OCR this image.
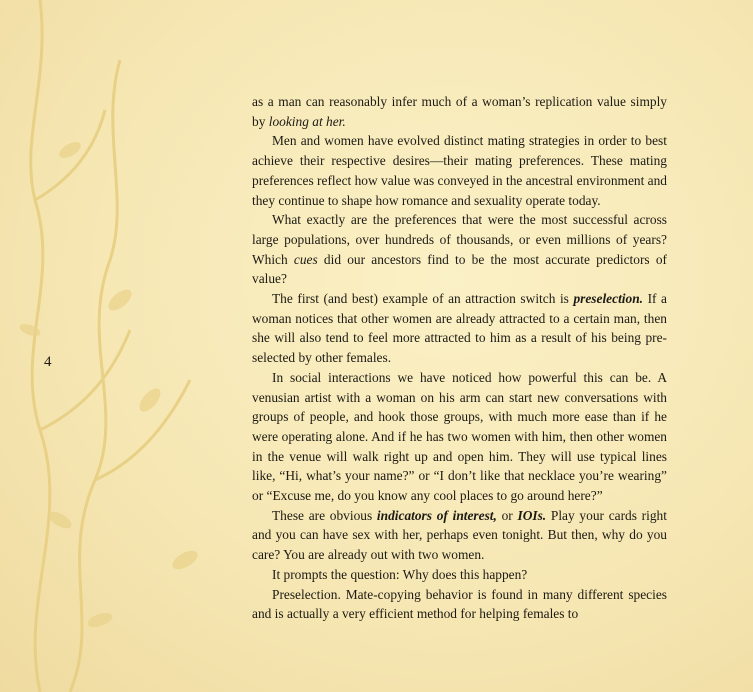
4

as a man can reasonably infer much of a woman’s replication value simply by looking at her.

Men and women have evolved distinct mating strategies in order to best achieve their respective desires—their mating preferences. These mating preferences reflect how value was conveyed in the ancestral environment and they continue to shape how romance and sexuality operate today.

What exactly are the preferences that were the most successful across large populations, over hundreds of thousands, or even millions of years? Which cues did our ancestors find to be the most accurate predictors of value?

The first (and best) example of an attraction switch is preselection. If a woman notices that other women are already attracted to a certain man, then she will also tend to feel more attracted to him as a result of his being pre-selected by other females.

In social interactions we have noticed how powerful this can be. A venusian artist with a woman on his arm can start new conversations with groups of people, and hook those groups, with much more ease than if he were operating alone. And if he has two women with him, then other women in the venue will walk right up and open him. They will use typical lines like, “Hi, what’s your name?” or “I don’t like that necklace you’re wearing” or “Excuse me, do you know any cool places to go around here?”

These are obvious indicators of interest, or IOIs. Play your cards right and you can have sex with her, perhaps even tonight. But then, why do you care? You are already out with two women.

It prompts the question: Why does this happen?

Preselection. Mate-copying behavior is found in many different species and is actually a very efficient method for helping females to
